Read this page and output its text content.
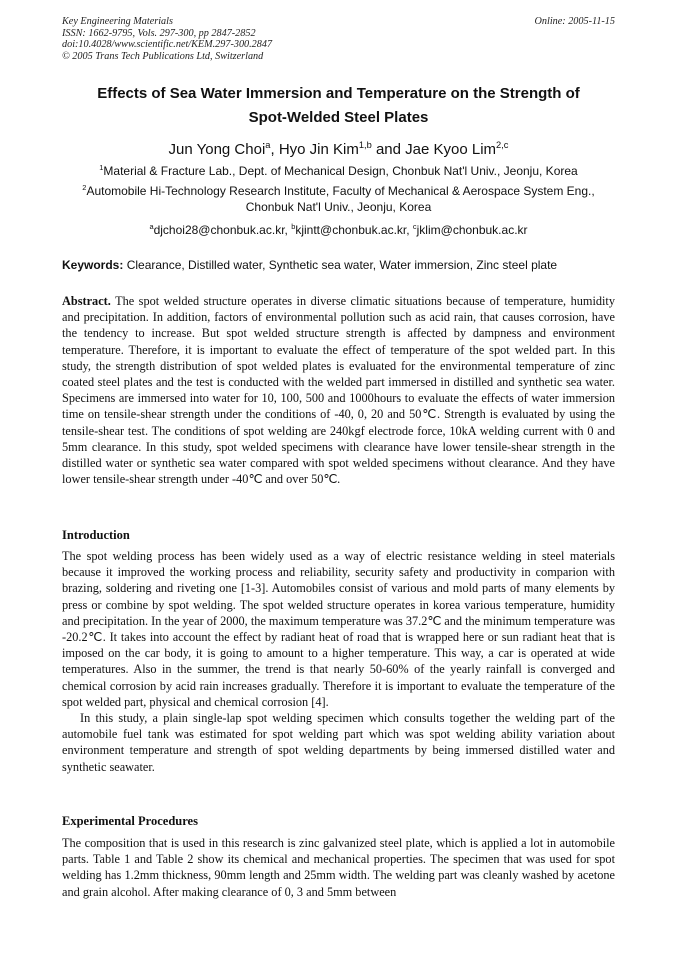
Key Engineering Materials
ISSN: 1662-9795, Vols. 297-300, pp 2847-2852
doi:10.4028/www.scientific.net/KEM.297-300.2847
© 2005 Trans Tech Publications Ltd, Switzerland
Online: 2005-11-15
Effects of Sea Water Immersion and Temperature on the Strength of
Spot-Welded Steel Plates
Jun Yong Choi$^a$, Hyo Jin Kim$^{1,b}$ and Jae Kyoo Lim$^{2,c}$
$^1$Material & Fracture Lab., Dept. of Mechanical Design, Chonbuk Nat'l Univ., Jeonju, Korea
$^2$Automobile Hi-Technology Research Institute, Faculty of Mechanical & Aerospace System Eng.,
Chonbuk Nat'l Univ., Jeonju, Korea
$^a$djchoi28@chonbuk.ac.kr, $^b$kjintt@chonbuk.ac.kr, $^c$jklim@chonbuk.ac.kr
Keywords: Clearance, Distilled water, Synthetic sea water, Water immersion, Zinc steel plate
Abstract. The spot welded structure operates in diverse climatic situations because of temperature, humidity and precipitation. In addition, factors of environmental pollution such as acid rain, that causes corrosion, have the tendency to increase. But spot welded structure strength is affected by dampness and environment temperature. Therefore, it is important to evaluate the effect of temperature of the spot welded part. In this study, the strength distribution of spot welded plates is evaluated for the environmental temperature of zinc coated steel plates and the test is conducted with the welded part immersed in distilled and synthetic sea water. Specimens are immersed into water for 10, 100, 500 and 1000hours to evaluate the effects of water immersion time on tensile-shear strength under the conditions of -40, 0, 20 and 50℃. Strength is evaluated by using the tensile-shear test. The conditions of spot welding are 240kgf electrode force, 10kA welding current with 0 and 5mm clearance. In this study, spot welded specimens with clearance have lower tensile-shear strength in the distilled water or synthetic sea water compared with spot welded specimens without clearance. And they have lower tensile-shear strength under -40℃ and over 50℃.
Introduction
The spot welding process has been widely used as a way of electric resistance welding in steel materials because it improved the working process and reliability, security safety and productivity in comparion with brazing, soldering and riveting one [1-3]. Automobiles consist of various and mold parts of many elements by press or combine by spot welding. The spot welded structure operates in korea various temperature, humidity and precipitation. In the year of 2000, the maximum temperature was 37.2℃ and the minimum temperature was -20.2℃. It takes into account the effect by radiant heat of road that is wrapped here or sun radiant heat that is imposed on the car body, it is going to amount to a higher temperature. This way, a car is operated at wide temperatures. Also in the summer, the trend is that nearly 50-60% of the yearly rainfall is converged and chemical corrosion by acid rain increases gradually. Therefore it is important to evaluate the temperature of the spot welded part, physical and chemical corrosion [4].
In this study, a plain single-lap spot welding specimen which consults together the welding part of the automobile fuel tank was estimated for spot welding part which was spot welding ability variation about environment temperature and strength of spot welding departments by being immersed distilled water and synthetic seawater.
Experimental Procedures
The composition that is used in this research is zinc galvanized steel plate, which is applied a lot in automobile parts. Table 1 and Table 2 show its chemical and mechanical properties. The specimen that was used for spot welding has 1.2mm thickness, 90mm length and 25mm width. The welding part was cleanly washed by acetone and grain alcohol. After making clearance of 0, 3 and 5mm between
